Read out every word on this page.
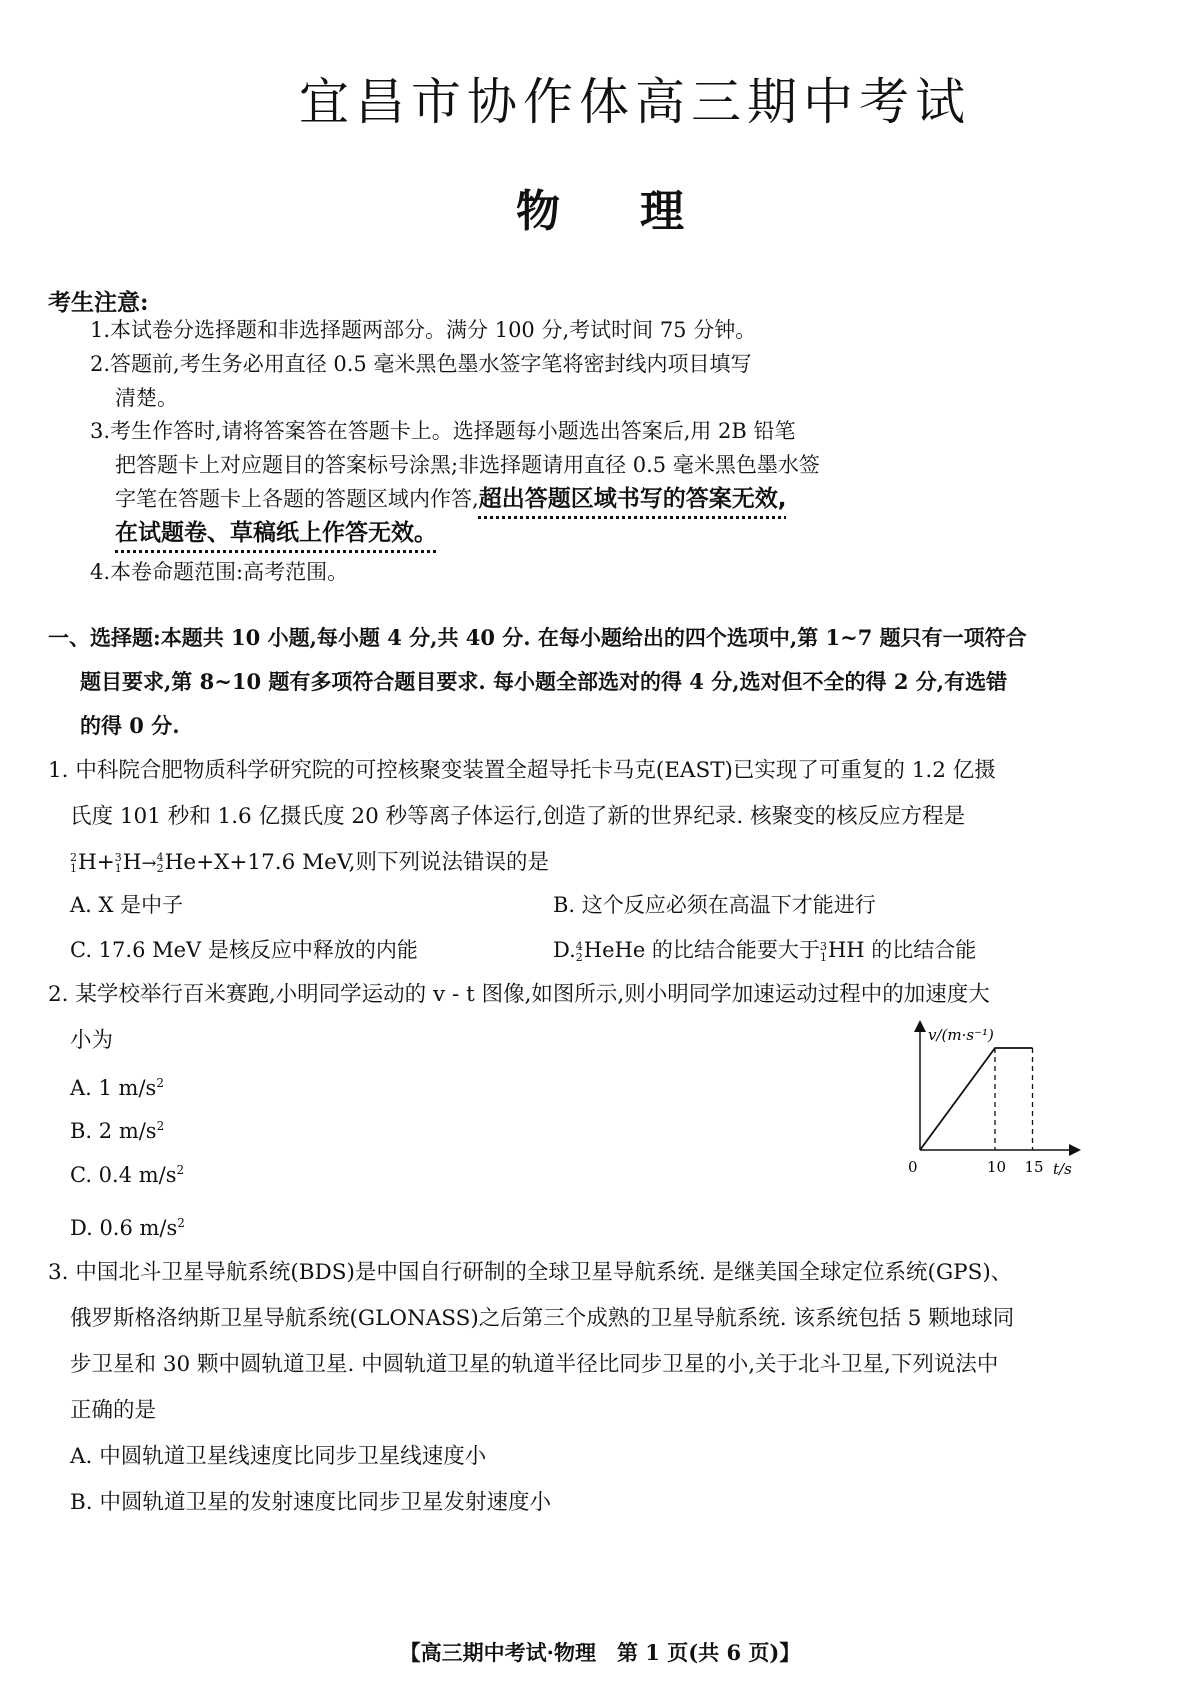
宜昌市协作体高三期中考试
物理
考生注意:
1.本试卷分选择题和非选择题两部分。满分 100 分,考试时间 75 分钟。
2.答题前,考生务必用直径 0.5 毫米黑色墨水签字笔将密封线内项目填写
清楚。
3.考生作答时,请将答案答在答题卡上。选择题每小题选出答案后,用 2B 铅笔
把答题卡上对应题目的答案标号涂黑;非选择题请用直径 0.5 毫米黑色墨水签
字笔在答题卡上各题的答题区域内作答,超出答题区域书写的答案无效,
在试题卷、草稿纸上作答无效。
4.本卷命题范围:高考范围。
一、选择题:本题共 10 小题,每小题 4 分,共 40 分. 在每小题给出的四个选项中,第 1~7 题只有一项符合
题目要求,第 8~10 题有多项符合题目要求. 每小题全部选对的得 4 分,选对但不全的得 2 分,有选错
的得 0 分.
1. 中科院合肥物质科学研究院的可控核聚变装置全超导托卡马克(EAST)已实现了可重复的 1.2 亿摄
氏度 101 秒和 1.6 亿摄氏度 20 秒等离子体运行,创造了新的世界纪录. 核聚变的核反应方程是
2
1 H+ 3
1 H→ 4
2 He+X+17.6 MeV,则下列说法错误的是
A. X 是中子	B. 这个反应必须在高温下才能进行
C. 17.6 MeV 是核反应中释放的内能	D. 4
2 HeHe 的比结合能要大于 3
1 HH 的比结合能
2. 某学校举行百米赛跑,小明同学运动的 v - t 图像,如图所示,则小明同学加速运动过程中的加速度大
小为
A. 1 $m/s^2$
B. 2 $m/s^2$
C. 0.4 $m/s^2$
D. 0.6 $m/s^2$
v/(m·s⁻¹)
t/s
0	10 15
3. 中国北斗卫星导航系统(BDS)是中国自行研制的全球卫星导航系统. 是继美国全球定位系统(GPS)、
俄罗斯格洛纳斯卫星导航系统(GLONASS)之后第三个成熟的卫星导航系统. 该系统包括 5 颗地球同
步卫星和 30 颗中圆轨道卫星. 中圆轨道卫星的轨道半径比同步卫星的小,关于北斗卫星,下列说法中
正确的是
A. 中圆轨道卫星线速度比同步卫星线速度小
B. 中圆轨道卫星的发射速度比同步卫星发射速度小
【高三期中考试·物理　第 1 页(共 6 页)】
